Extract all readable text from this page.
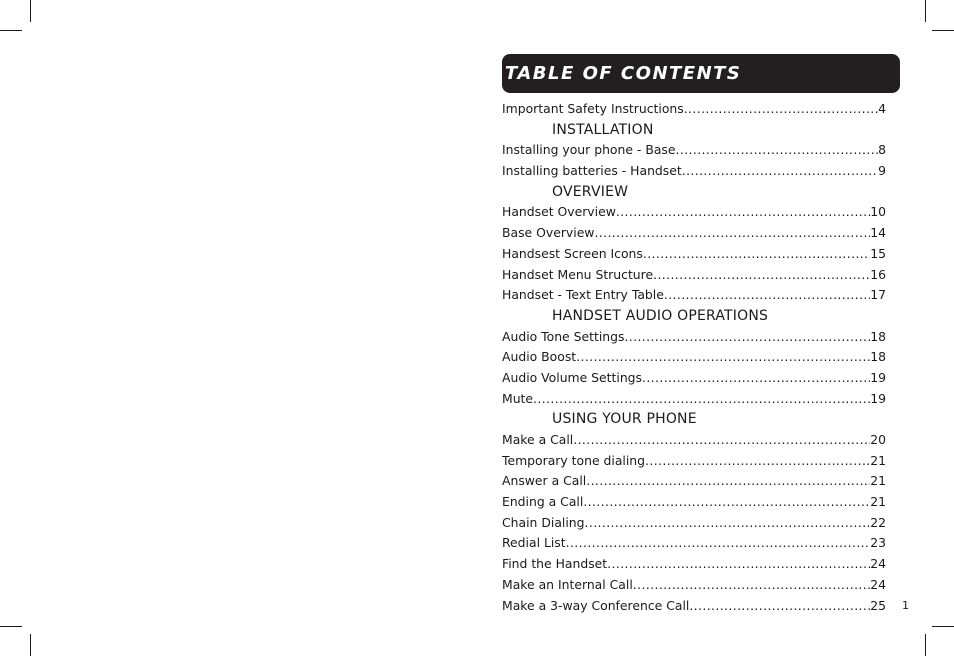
TABLE OF CONTENTS
Important Safety Instructions .....	4
INSTALLATION
Installing your phone - Base .....	8
Installing batteries - Handset .....	9
OVERVIEW
Handset Overview .....	10
Base Overview .....	14
Handsest Screen Icons .....	15
Handset Menu Structure .....	16
Handset - Text Entry Table .....	17
HANDSET AUDIO OPERATIONS
Audio Tone Settings .....	18
Audio Boost .....	18
Audio Volume Settings .....	19
Mute .....	19
USING YOUR PHONE
Make a Call .....	20
Temporary tone dialing .....	21
Answer a Call .....	21
Ending a Call .....	21
Chain Dialing .....	22
Redial List .....	23
Find the Handset .....	24
Make an Internal Call .....	24
Make a 3-way Conference Call .....	25 1
